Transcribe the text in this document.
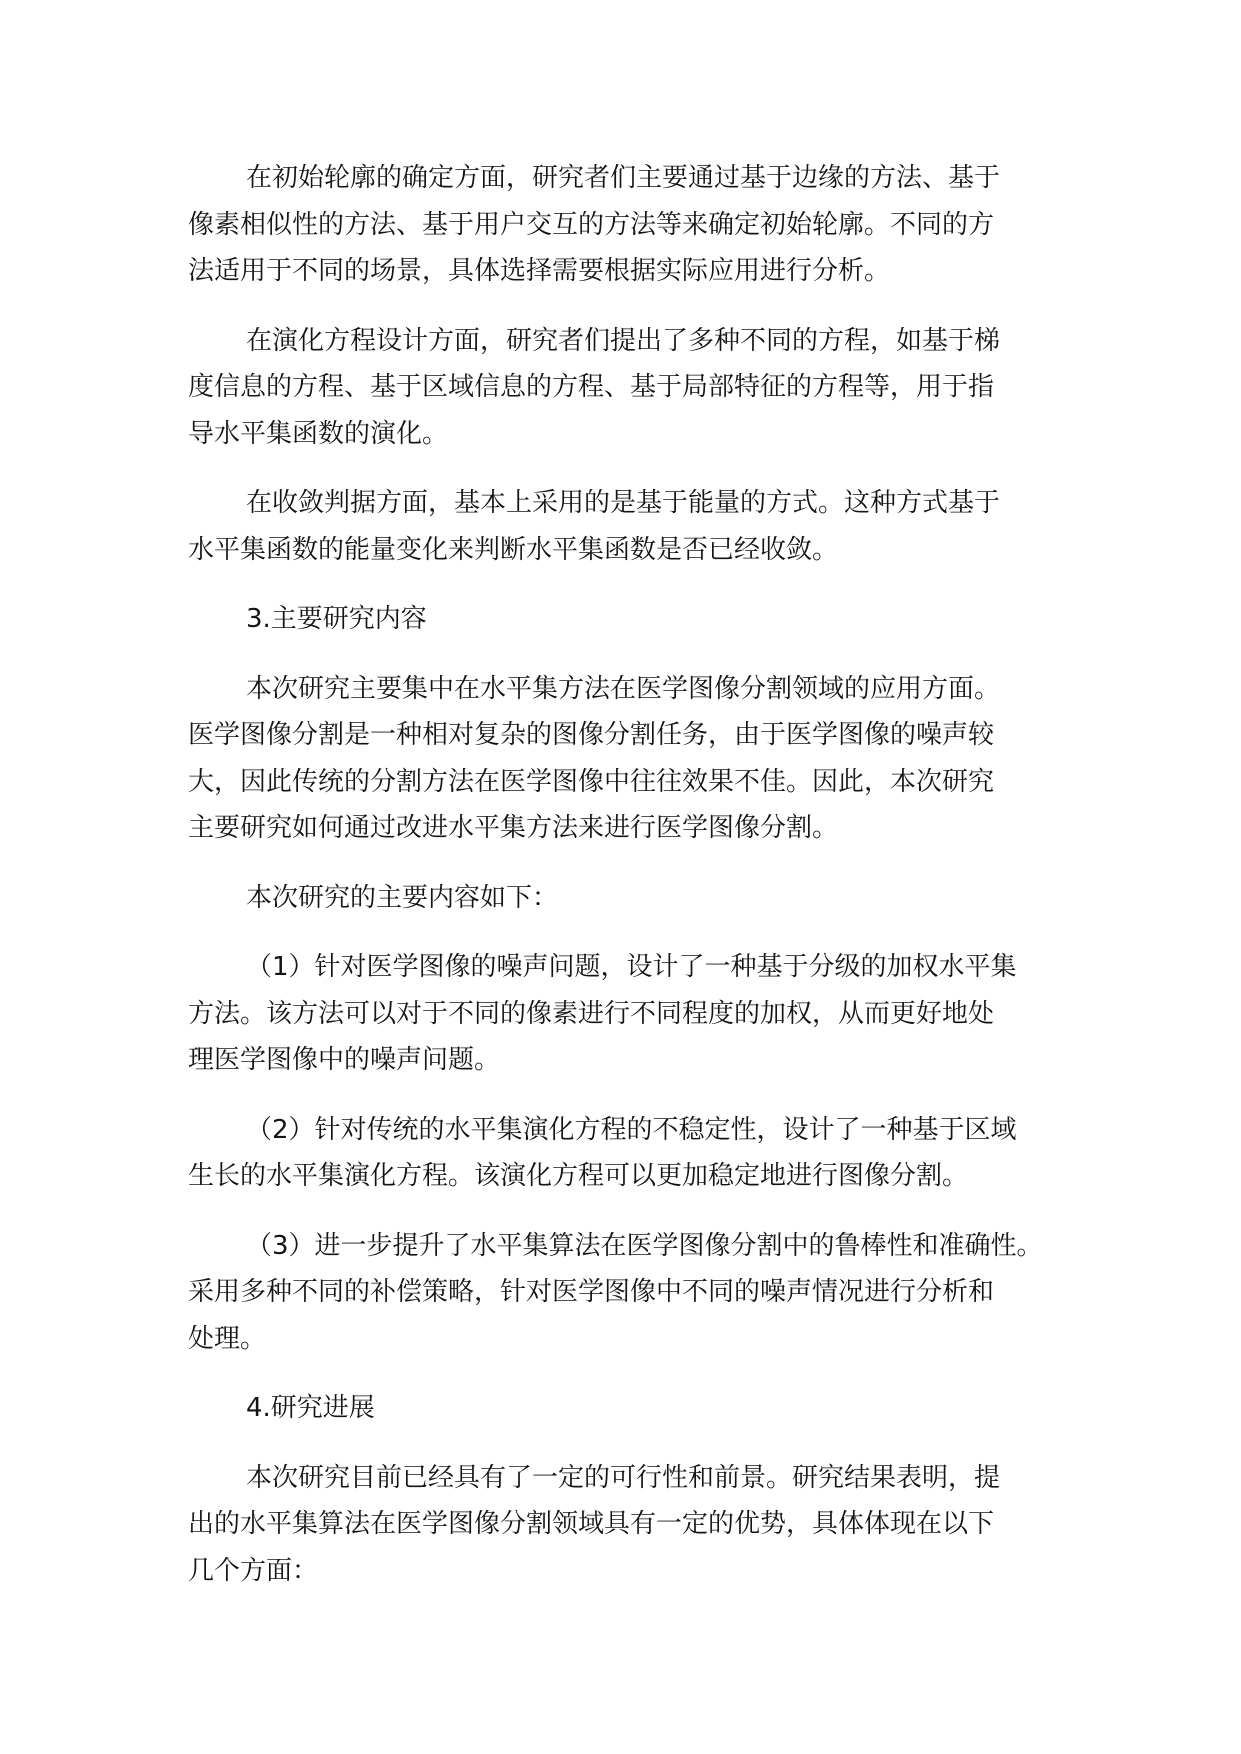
在初始轮廓的确定方面，研究者们主要通过基于边缘的方法、基于
像素相似性的方法、基于用户交互的方法等来确定初始轮廓。不同的方
法适用于不同的场景，具体选择需要根据实际应用进行分析。
在演化方程设计方面，研究者们提出了多种不同的方程，如基于梯
度信息的方程、基于区域信息的方程、基于局部特征的方程等，用于指
导水平集函数的演化。
在收敛判据方面，基本上采用的是基于能量的方式。这种方式基于
水平集函数的能量变化来判断水平集函数是否已经收敛。
3.主要研究内容
本次研究主要集中在水平集方法在医学图像分割领域的应用方面。
医学图像分割是一种相对复杂的图像分割任务，由于医学图像的噪声较
大，因此传统的分割方法在医学图像中往往效果不佳。因此，本次研究
主要研究如何通过改进水平集方法来进行医学图像分割。
本次研究的主要内容如下：
（1）针对医学图像的噪声问题，设计了一种基于分级的加权水平集
方法。该方法可以对于不同的像素进行不同程度的加权，从而更好地处
理医学图像中的噪声问题。
（2）针对传统的水平集演化方程的不稳定性，设计了一种基于区域
生长的水平集演化方程。该演化方程可以更加稳定地进行图像分割。
（3）进一步提升了水平集算法在医学图像分割中的鲁棒性和准确性。
采用多种不同的补偿策略，针对医学图像中不同的噪声情况进行分析和
处理。
4.研究进展
本次研究目前已经具有了一定的可行性和前景。研究结果表明，提
出的水平集算法在医学图像分割领域具有一定的优势，具体体现在以下
几个方面：
